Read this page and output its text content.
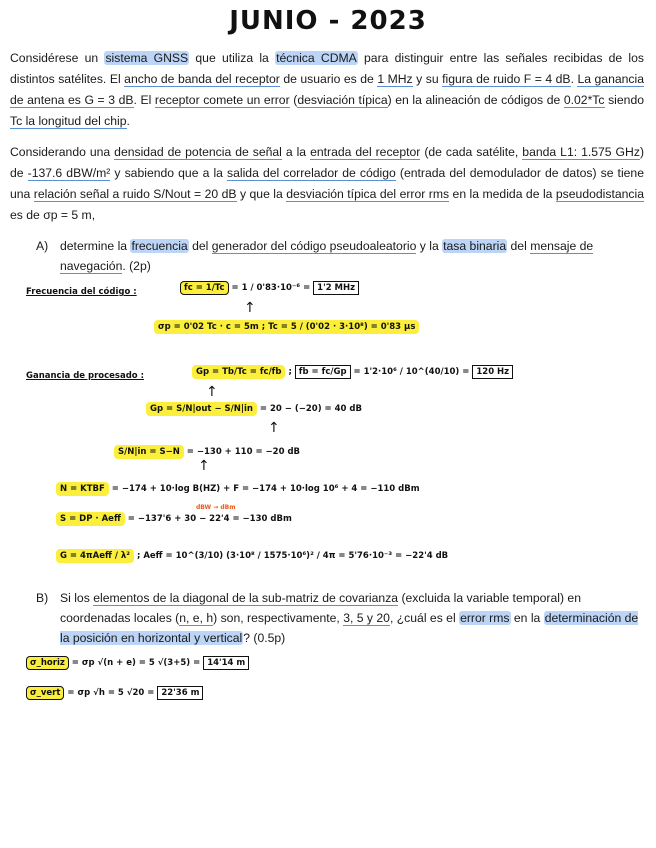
JUNIO - 2023
Considérese un sistema GNSS que utiliza la técnica CDMA para distinguir entre las señales recibidas de los distintos satélites. El ancho de banda del receptor de usuario es de 1 MHz y su figura de ruido F = 4 dB. La ganancia de antena es G = 3 dB. El receptor comete un error (desviación típica) en la alineación de códigos de 0.02*Tc siendo Tc la longitud del chip.
Considerando una densidad de potencia de señal a la entrada del receptor (de cada satélite, banda L1: 1.575 GHz) de -137.6 dBW/m² y sabiendo que a la salida del correlador de código (entrada del demodulador de datos) se tiene una relación señal a ruido S/Nout = 20 dB y que la desviación típica del error rms en la medida de la pseudodistancia es de σp = 5 m,
A) determine la frecuencia del generador del código pseudoaleatorio y la tasa binaria del mensaje de navegación. (2p)
Frecuencia del código :	fc = 1/Tc = 1 / 0'83·10⁻⁶ = 1'2 MHz
↑
σp = 0'02 Tc · c = 5m ; Tc = 5 / (0'02 · 3·10⁸) = 0'83 μs
Ganancia de procesado :	Gp = Tb/Tc = fc/fb ; fb = fc/Gp = 1'2·10⁶ / 10^(40/10) = 120 Hz
↑
Gp = S/N|out − S/N|in = 20 − (−20) = 40 dB
↑
S/N|in = S−N = −130 + 110 = −20 dB
↑
N = KTBF = −174 + 10·log B(HZ) + F = −174 + 10·log 10⁶ + 4 = −110 dBm
dBW → dBm
S = DP · Aeff = −137'6 + 30 − 22'4 = −130 dBm
G = 4πAeff / λ² ; Aeff = 10^(3/10) (3·10⁸ / 1575·10⁶)² / 4π = 5'76·10⁻³ = −22'4 dB
B) Si los elementos de la diagonal de la sub-matriz de covarianza (excluida la variable temporal) en coordenadas locales (n, e, h) son, respectivamente, 3, 5 y 20, ¿cuál es el error rms en la determinación de la posición en horizontal y vertical? (0.5p)
σ_horiz = σp √(n + e) = 5 √(3+5) = 14'14 m
σ_vert = σp √h = 5 √20 = 22'36 m
